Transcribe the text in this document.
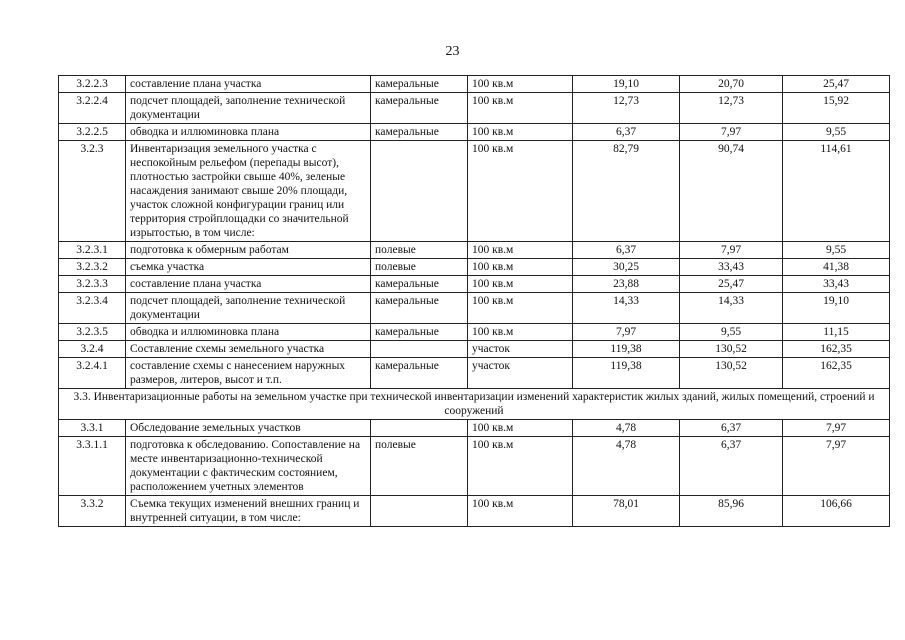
23
3.2.2.3	составление плана участка	камеральные	100 кв.м	19,10	20,70	25,47
3.2.2.4	подсчет площадей, заполнение технической документации	камеральные	100 кв.м	12,73	12,73	15,92
3.2.2.5	обводка и иллюминовка плана	камеральные	100 кв.м	6,37	7,97	9,55
3.2.3	Инвентаризация земельного участка с неспокойным рельефом (перепады высот), плотностью застройки свыше 40%, зеленые насаждения занимают свыше 20% площади, участок сложной конфигурации границ или территория стройплощадки со значительной изрытостью, в том числе:		100 кв.м	82,79	90,74	114,61
3.2.3.1	подготовка к обмерным работам	полевые	100 кв.м	6,37	7,97	9,55
3.2.3.2	съемка участка	полевые	100 кв.м	30,25	33,43	41,38
3.2.3.3	составление плана участка	камеральные	100 кв.м	23,88	25,47	33,43
3.2.3.4	подсчет площадей, заполнение технической документации	камеральные	100 кв.м	14,33	14,33	19,10
3.2.3.5	обводка и иллюминовка плана	камеральные	100 кв.м	7,97	9,55	11,15
3.2.4	Составление схемы земельного участка		участок	119,38	130,52	162,35
3.2.4.1	составление схемы с нанесением наружных размеров, литеров, высот и т.п.	камеральные	участок	119,38	130,52	162,35
3.3. Инвентаризационные работы на земельном участке при технической инвентаризации изменений характеристик жилых зданий, жилых помещений, строений и сооружений						
3.3.1	Обследование земельных участков		100 кв.м	4,78	6,37	7,97
3.3.1.1	подготовка к обследованию. Сопоставление на месте инвентаризационно-технической документации с фактическим состоянием, расположением учетных элементов	полевые	100 кв.м	4,78	6,37	7,97
3.3.2	Съемка текущих изменений внешних границ и внутренней ситуации, в том числе:		100 кв.м	78,01	85,96	106,66
